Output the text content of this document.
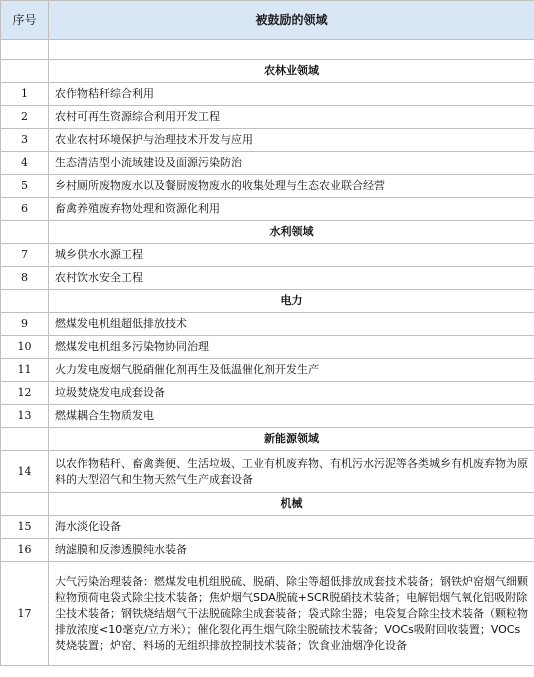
序号	被鼓励的领域

	农林业领域
1	农作物秸秆综合利用
2	农村可再生资源综合利用开发工程
3	农业农村环境保护与治理技术开发与应用
4	生态清洁型小流域建设及面源污染防治
5	乡村厕所废物废水以及餐厨废物废水的收集处理与生态农业联合经营
6	畜禽养殖废弃物处理和资源化利用
	水利领域
7	城乡供水水源工程
8	农村饮水安全工程
	电力
9	燃煤发电机组超低排放技术
10	燃煤发电机组多污染物协同治理
11	火力发电废烟气脱硝催化剂再生及低温催化剂开发生产
12	垃圾焚烧发电成套设备
13	燃煤耦合生物质发电
	新能源领域
14	以农作物秸秆、畜禽粪便、生活垃圾、工业有机废弃物、有机污水污泥等各类城乡有机废弃物为原料的大型沼气和生物天然气生产成套设备
	机械
15	海水淡化设备
16	纳滤膜和反渗透膜纯水装备
17	大气污染治理装备：燃煤发电机组脱硫、脱硝、除尘等超低排放成套技术装备；钢铁炉窑烟气细颗粒物预荷电袋式除尘技术装备；焦炉烟气SDA脱硫+SCR脱硝技术装备；电解铝烟气氧化铝吸附除尘技术装备；钢铁烧结烟气干法脱硫除尘成套装备；袋式除尘器；电袋复合除尘技术装备（颗粒物排放浓度<10毫克/立方米）；催化裂化再生烟气除尘脱硫技术装备；VOCs吸附回收装置；VOCs焚烧装置；炉窑、料场的无组织排放控制技术装备；饮食业油烟净化设备
